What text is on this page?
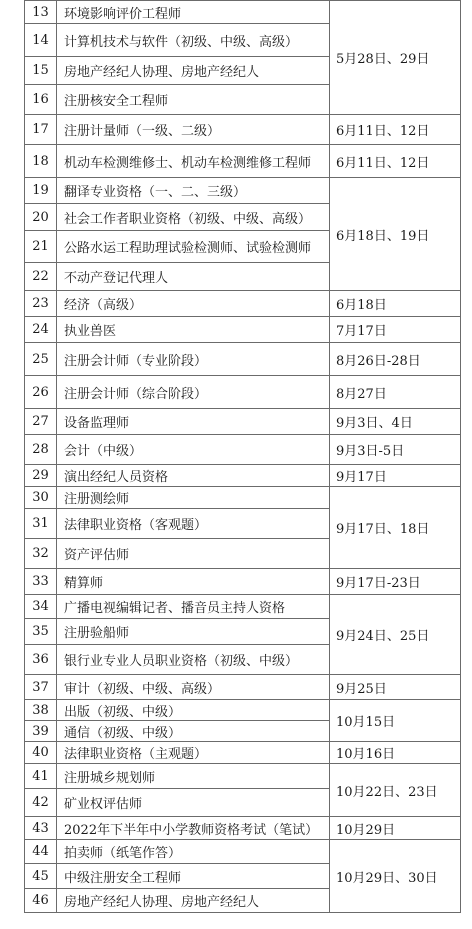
13	环境影响评价工程师	5月28日、29日
14	计算机技术与软件（初级、中级、高级）	
15	房地产经纪人协理、房地产经纪人	
16	注册核安全工程师	
17	注册计量师（一级、二级）	6月11日、12日
18	机动车检测维修士、机动车检测维修工程师	6月11日、12日
19	翻译专业资格（一、二、三级）	6月18日、19日
20	社会工作者职业资格（初级、中级、高级）	
21	公路水运工程助理试验检测师、试验检测师	
22	不动产登记代理人	
23	经济（高级）	6月18日
24	执业兽医	7月17日
25	注册会计师（专业阶段）	8月26日-28日
26	注册会计师（综合阶段）	8月27日
27	设备监理师	9月3日、4日
28	会计（中级）	9月3日-5日
29	演出经纪人员资格	9月17日
30	注册测绘师	9月17日、18日
31	法律职业资格（客观题）	
32	资产评估师	
33	精算师	9月17日-23日
34	广播电视编辑记者、播音员主持人资格	9月24日、25日
35	注册验船师	
36	银行业专业人员职业资格（初级、中级）	
37	审计（初级、中级、高级）	9月25日
38	出版（初级、中级）	10月15日
39	通信（初级、中级）	
40	法律职业资格（主观题）	10月16日
41	注册城乡规划师	10月22日、23日
42	矿业权评估师	
43	2022年下半年中小学教师资格考试（笔试）	10月29日
44	拍卖师（纸笔作答）	10月29日、30日
45	中级注册安全工程师	
46	房地产经纪人协理、房地产经纪人	
